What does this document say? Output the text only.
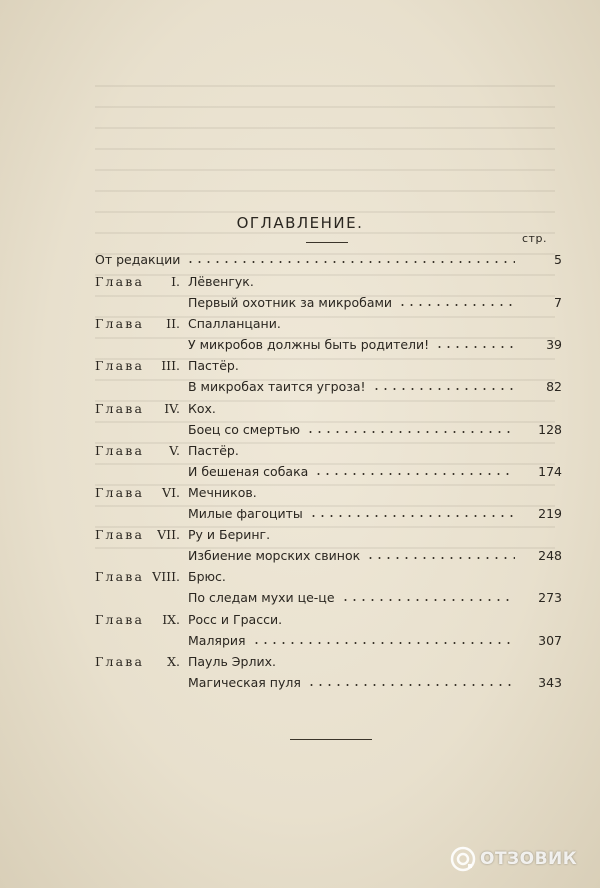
ОГЛАВЛЕНИЕ.
стр.
От редакции	5
Глава	I. Лёвенгук.
Первый охотник за микробами	7
Глава	II. Спалланцани.
У микробов должны быть родители!	39
Глава	III. Пастёр.
В микробах таится угроза!	82
Глава	IV. Кох.
Боец со смертью	128
Глава	V. Пастёр.
И бешеная собака	174
Глава	VI. Мечников.
Милые фагоциты	219
Глава	VII. Ру и Беринг.
Избиение морских свинок	248
Глава VIII. Брюс.
По следам мухи це-це	273
Глава	IX. Росс и Грасси.
Малярия	307
Глава	X. Пауль Эрлих.
Магическая пуля	343
ОТЗОВИК
